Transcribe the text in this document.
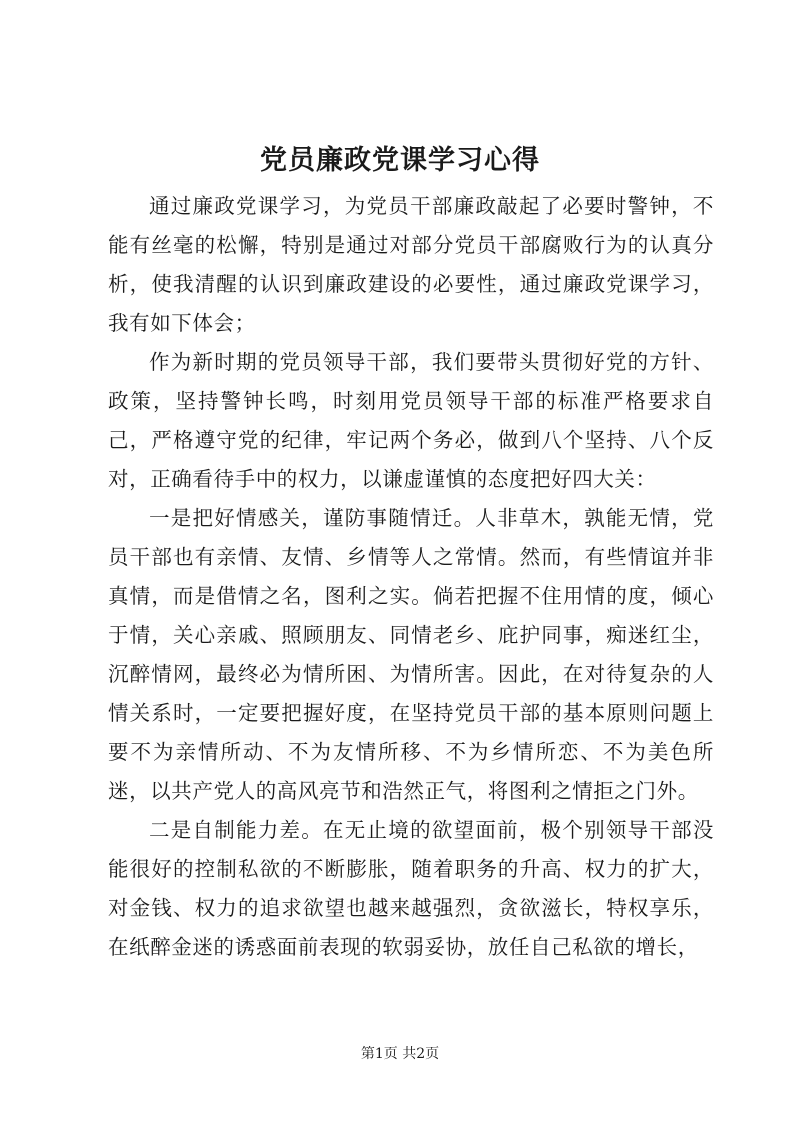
党员廉政党课学习心得

通过廉政党课学习，为党员干部廉政敲起了必要时警钟，不能有丝毫的松懈，特别是通过对部分党员干部腐败行为的认真分析，使我清醒的认识到廉政建设的必要性，通过廉政党课学习，我有如下体会；

作为新时期的党员领导干部，我们要带头贯彻好党的方针、政策，坚持警钟长鸣，时刻用党员领导干部的标准严格要求自己，严格遵守党的纪律，牢记两个务必，做到八个坚持、八个反对，正确看待手中的权力，以谦虚谨慎的态度把好四大关：

一是把好情感关，谨防事随情迁。人非草木，孰能无情，党员干部也有亲情、友情、乡情等人之常情。然而，有些情谊并非真情，而是借情之名，图利之实。倘若把握不住用情的度，倾心于情，关心亲戚、照顾朋友、同情老乡、庇护同事，痴迷红尘，沉醉情网，最终必为情所困、为情所害。因此，在对待复杂的人情关系时，一定要把握好度，在坚持党员干部的基本原则问题上要不为亲情所动、不为友情所移、不为乡情所恋、不为美色所迷，以共产党人的高风亮节和浩然正气，将图利之情拒之门外。

二是自制能力差。在无止境的欲望面前，极个别领导干部没能很好的控制私欲的不断膨胀，随着职务的升高、权力的扩大，对金钱、权力的追求欲望也越来越强烈，贪欲滋长，特权享乐，在纸醉金迷的诱惑面前表现的软弱妥协，放任自己私欲的增长，

第1页 共2页
